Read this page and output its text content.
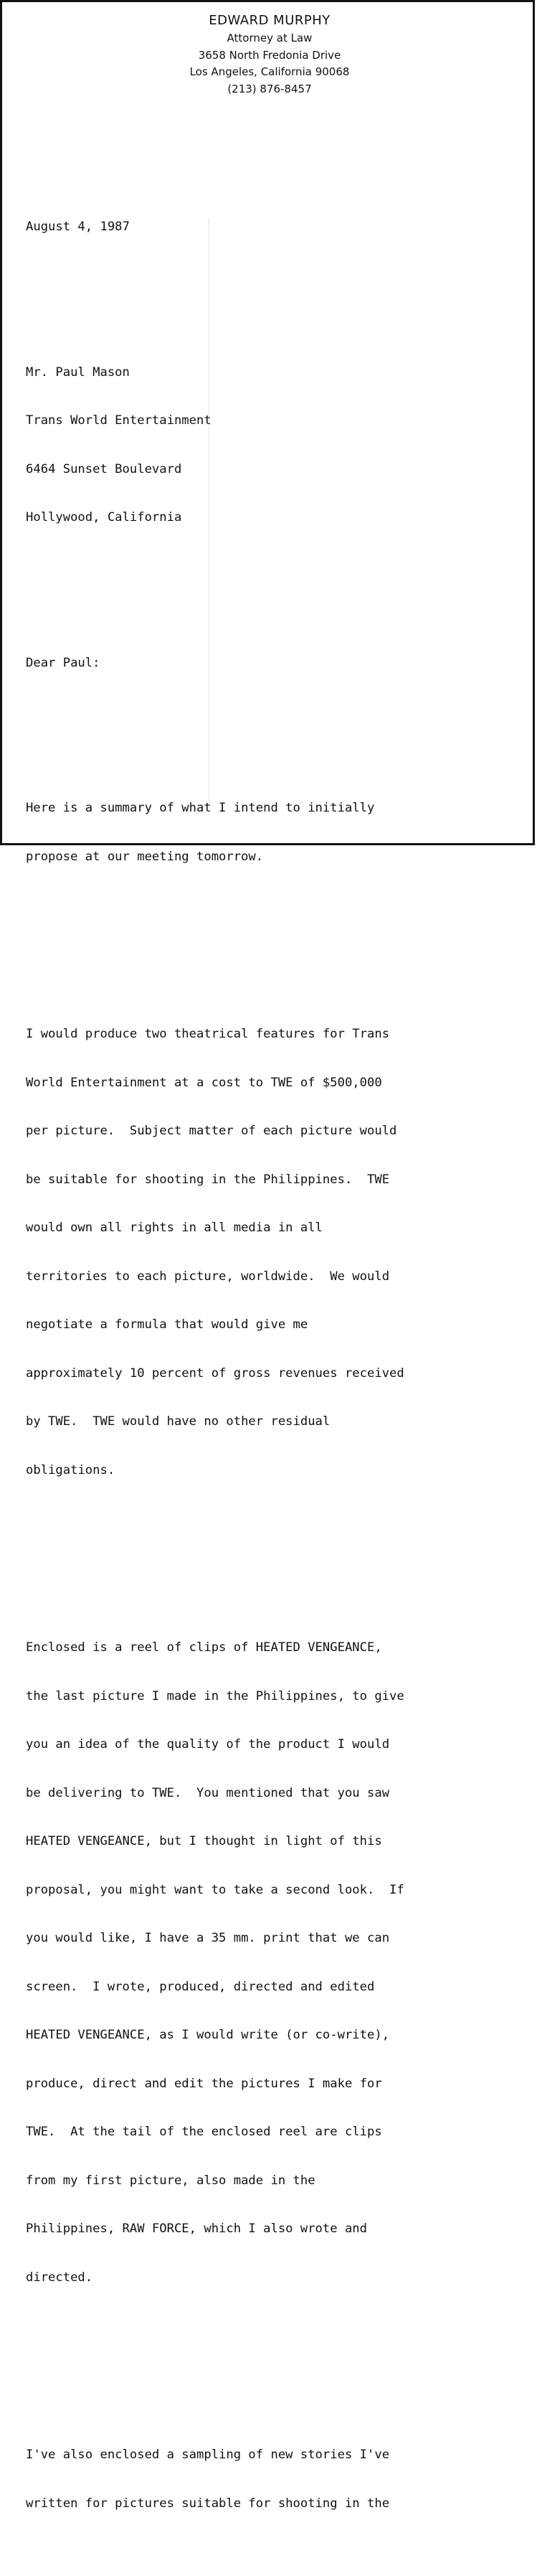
EDWARD MURPHY
Attorney at Law
3658 North Fredonia Drive
Los Angeles, California 90068
(213) 876-8457

August 4, 1987

Mr. Paul Mason

Trans World Entertainment

6464 Sunset Boulevard

Hollywood, California

Dear Paul:

Here is a summary of what I intend to initially

propose at our meeting tomorrow.

I would produce two theatrical features for Trans

World Entertainment at a cost to TWE of $500,000

per picture.  Subject matter of each picture would

be suitable for shooting in the Philippines.  TWE

would own all rights in all media in all

territories to each picture, worldwide.  We would

negotiate a formula that would give me

approximately 10 percent of gross revenues received

by TWE.  TWE would have no other residual

obligations.

Enclosed is a reel of clips of HEATED VENGEANCE,

the last picture I made in the Philippines, to give

you an idea of the quality of the product I would

be delivering to TWE.  You mentioned that you saw

HEATED VENGEANCE, but I thought in light of this

proposal, you might want to take a second look.  If

you would like, I have a 35 mm. print that we can

screen.  I wrote, produced, directed and edited

HEATED VENGEANCE, as I would write (or co-write),

produce, direct and edit the pictures I make for

TWE.  At the tail of the enclosed reel are clips

from my first picture, also made in the

Philippines, RAW FORCE, which I also wrote and

directed.

I've also enclosed a sampling of new stories I've

written for pictures suitable for shooting in the
